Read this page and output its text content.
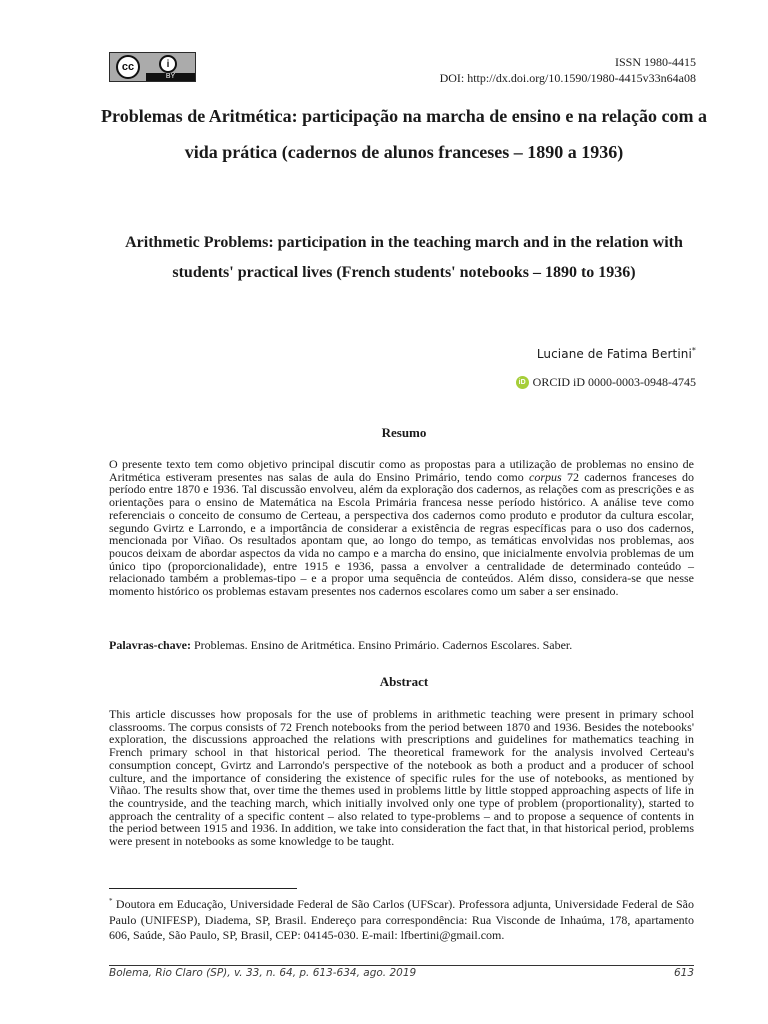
cc	i
BY
ISSN 1980-4415
DOI: http://dx.doi.org/10.1590/1980-4415v33n64a08
Problemas de Aritmética: participação na marcha de ensino e na relação com a vida prática (cadernos de alunos franceses – 1890 a 1936)
Arithmetic Problems: participation in the teaching march and in the relation with students' practical lives (French students' notebooks – 1890 to 1936)
Luciane de Fatima Bertini*
iD ORCID iD 0000-0003-0948-4745
Resumo
O presente texto tem como objetivo principal discutir como as propostas para a utilização de problemas no ensino de Aritmética estiveram presentes nas salas de aula do Ensino Primário, tendo como corpus 72 cadernos franceses do período entre 1870 e 1936. Tal discussão envolveu, além da exploração dos cadernos, as relações com as prescrições e as orientações para o ensino de Matemática na Escola Primária francesa nesse período histórico. A análise teve como referenciais o conceito de consumo de Certeau, a perspectiva dos cadernos como produto e produtor da cultura escolar, segundo Gvirtz e Larrondo, e a importância de considerar a existência de regras específicas para o uso dos cadernos, mencionada por Viñao. Os resultados apontam que, ao longo do tempo, as temáticas envolvidas nos problemas, aos poucos deixam de abordar aspectos da vida no campo e a marcha do ensino, que inicialmente envolvia problemas de um único tipo (proporcionalidade), entre 1915 e 1936, passa a envolver a centralidade de determinado conteúdo – relacionado também a problemas-tipo – e a propor uma sequência de conteúdos. Além disso, considera-se que nesse momento histórico os problemas estavam presentes nos cadernos escolares como um saber a ser ensinado.
Palavras-chave: Problemas. Ensino de Aritmética. Ensino Primário. Cadernos Escolares. Saber.
Abstract
This article discusses how proposals for the use of problems in arithmetic teaching were present in primary school classrooms. The corpus consists of 72 French notebooks from the period between 1870 and 1936. Besides the notebooks' exploration, the discussions approached the relations with prescriptions and guidelines for mathematics teaching in French primary school in that historical period. The theoretical framework for the analysis involved Certeau's consumption concept, Gvirtz and Larrondo's perspective of the notebook as both a product and a producer of school culture, and the importance of considering the existence of specific rules for the use of notebooks, as mentioned by Viñao. The results show that, over time the themes used in problems little by little stopped approaching aspects of life in the countryside, and the teaching march, which initially involved only one type of problem (proportionality), started to approach the centrality of a specific content – also related to type-problems – and to propose a sequence of contents in the period between 1915 and 1936. In addition, we take into consideration the fact that, in that historical period, problems were present in notebooks as some knowledge to be taught.
* Doutora em Educação, Universidade Federal de São Carlos (UFScar). Professora adjunta, Universidade Federal de São Paulo (UNIFESP), Diadema, SP, Brasil. Endereço para correspondência: Rua Visconde de Inhaúma, 178, apartamento 606, Saúde, São Paulo, SP, Brasil, CEP: 04145-030. E-mail: lfbertini@gmail.com.
Bolema, Rio Claro (SP), v. 33, n. 64, p. 613-634, ago. 2019	613
